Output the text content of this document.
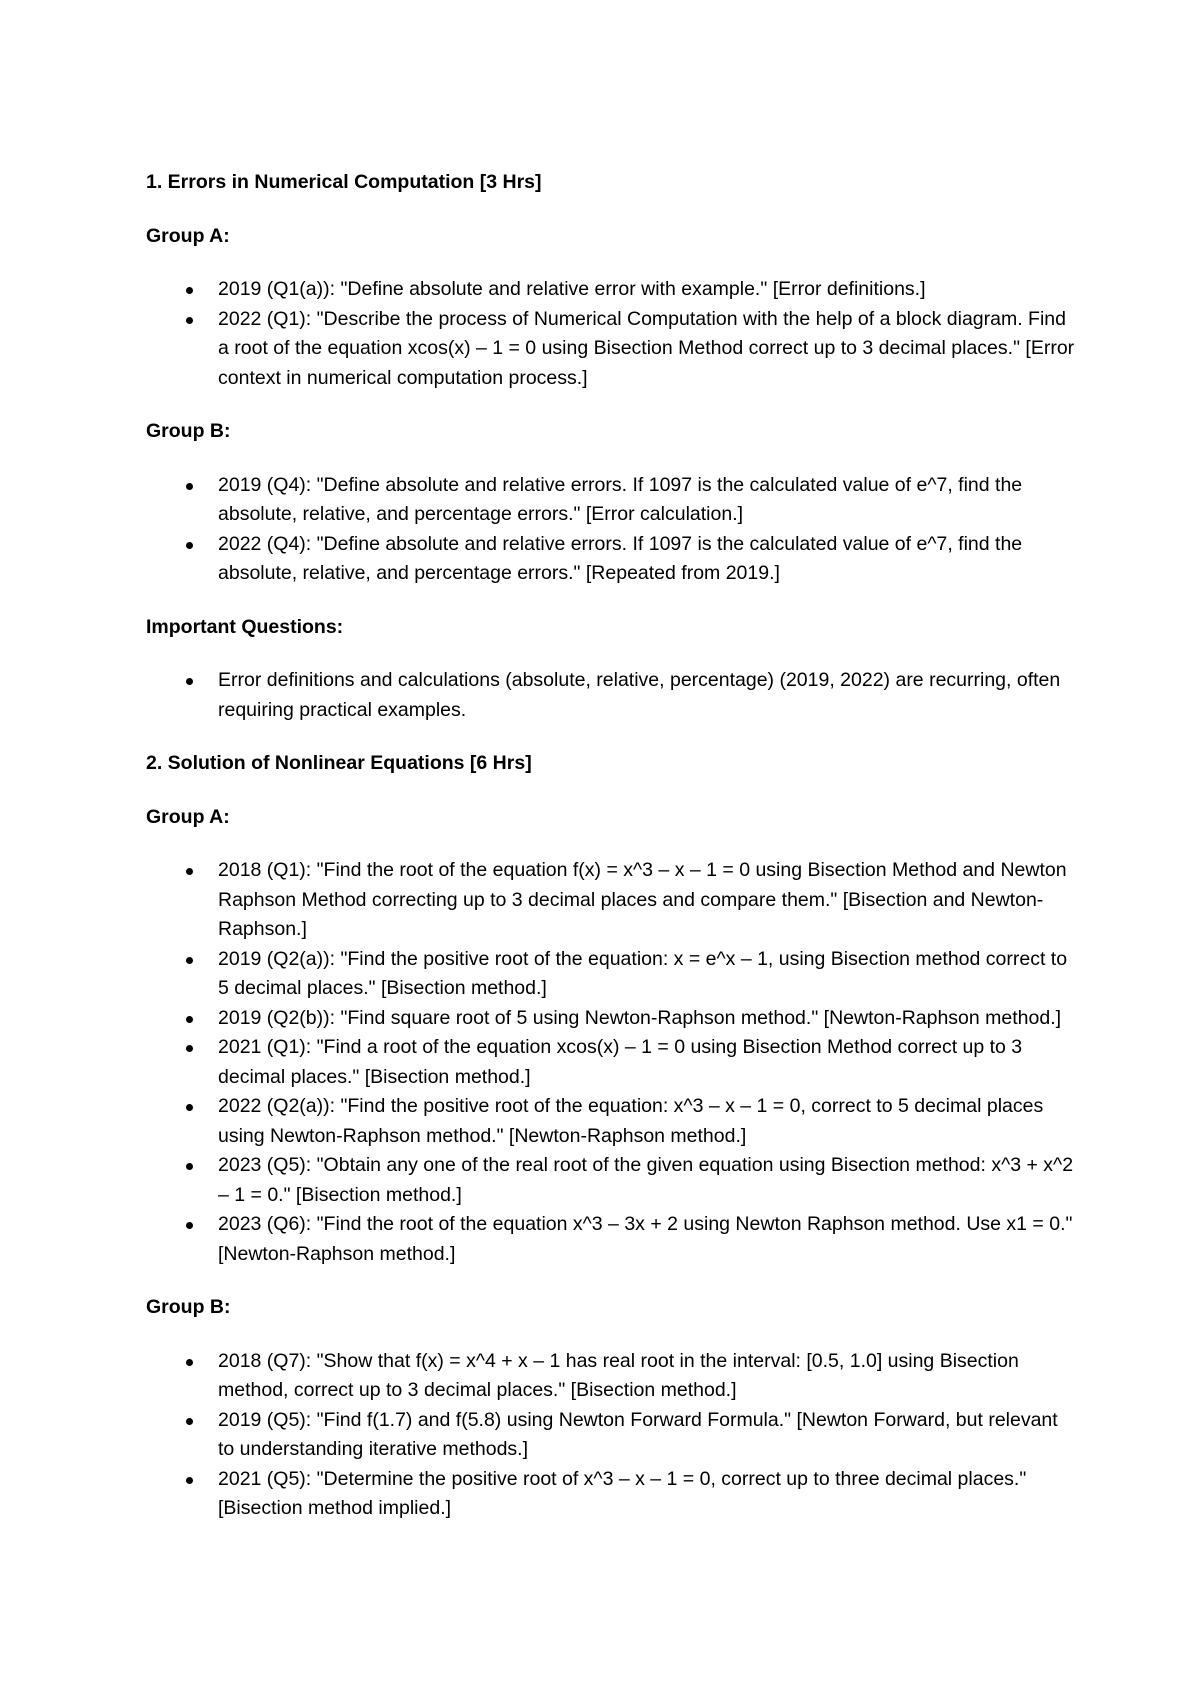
1. Errors in Numerical Computation [3 Hrs]
Group A:
2019 (Q1(a)): "Define absolute and relative error with example." [Error definitions.]
2022 (Q1): "Describe the process of Numerical Computation with the help of a block diagram. Find a root of the equation xcos(x) – 1 = 0 using Bisection Method correct up to 3 decimal places." [Error context in numerical computation process.]
Group B:
2019 (Q4): "Define absolute and relative errors. If 1097 is the calculated value of e^7, find the absolute, relative, and percentage errors." [Error calculation.]
2022 (Q4): "Define absolute and relative errors. If 1097 is the calculated value of e^7, find the absolute, relative, and percentage errors." [Repeated from 2019.]
Important Questions:
Error definitions and calculations (absolute, relative, percentage) (2019, 2022) are recurring, often requiring practical examples.
2. Solution of Nonlinear Equations [6 Hrs]
Group A:
2018 (Q1): "Find the root of the equation f(x) = x^3 – x – 1 = 0 using Bisection Method and Newton Raphson Method correcting up to 3 decimal places and compare them." [Bisection and Newton-Raphson.]
2019 (Q2(a)): "Find the positive root of the equation: x = e^x – 1, using Bisection method correct to 5 decimal places." [Bisection method.]
2019 (Q2(b)): "Find square root of 5 using Newton-Raphson method." [Newton-Raphson method.]
2021 (Q1): "Find a root of the equation xcos(x) – 1 = 0 using Bisection Method correct up to 3 decimal places." [Bisection method.]
2022 (Q2(a)): "Find the positive root of the equation: x^3 – x – 1 = 0, correct to 5 decimal places using Newton-Raphson method." [Newton-Raphson method.]
2023 (Q5): "Obtain any one of the real root of the given equation using Bisection method: x^3 + x^2 – 1 = 0." [Bisection method.]
2023 (Q6): "Find the root of the equation x^3 – 3x + 2 using Newton Raphson method. Use x1 = 0." [Newton-Raphson method.]
Group B:
2018 (Q7): "Show that f(x) = x^4 + x – 1 has real root in the interval: [0.5, 1.0] using Bisection method, correct up to 3 decimal places." [Bisection method.]
2019 (Q5): "Find f(1.7) and f(5.8) using Newton Forward Formula." [Newton Forward, but relevant to understanding iterative methods.]
2021 (Q5): "Determine the positive root of x^3 – x – 1 = 0, correct up to three decimal places." [Bisection method implied.]
